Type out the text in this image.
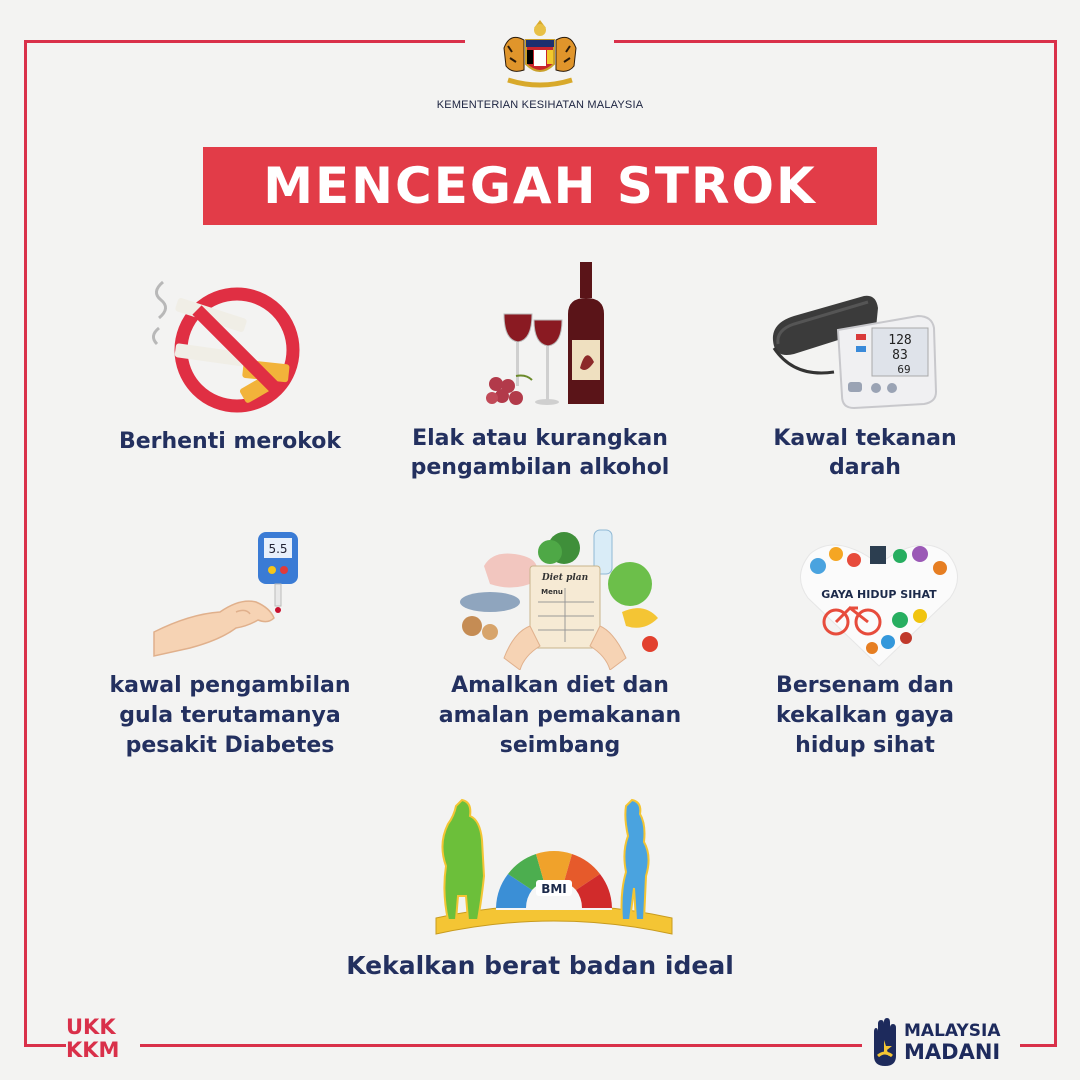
KEMENTERIAN KESIHATAN MALAYSIA
MENCEGAH STROK
Berhenti merokok	Elak atau kurangkan
pengambilan alkohol
128
83
69
Kawal tekanan
darah
5.5
kawal pengambilan
gula terutamanya
pesakit Diabetes
Diet plan
Menu
Amalkan diet dan
amalan pemakanan
seimbang
GAYA HIDUP SIHAT
Bersenam dan
kekalkan gaya
hidup sihat
BMI
Kekalkan berat badan ideal
UKK
KKM
MALAYSIA
MADANI
